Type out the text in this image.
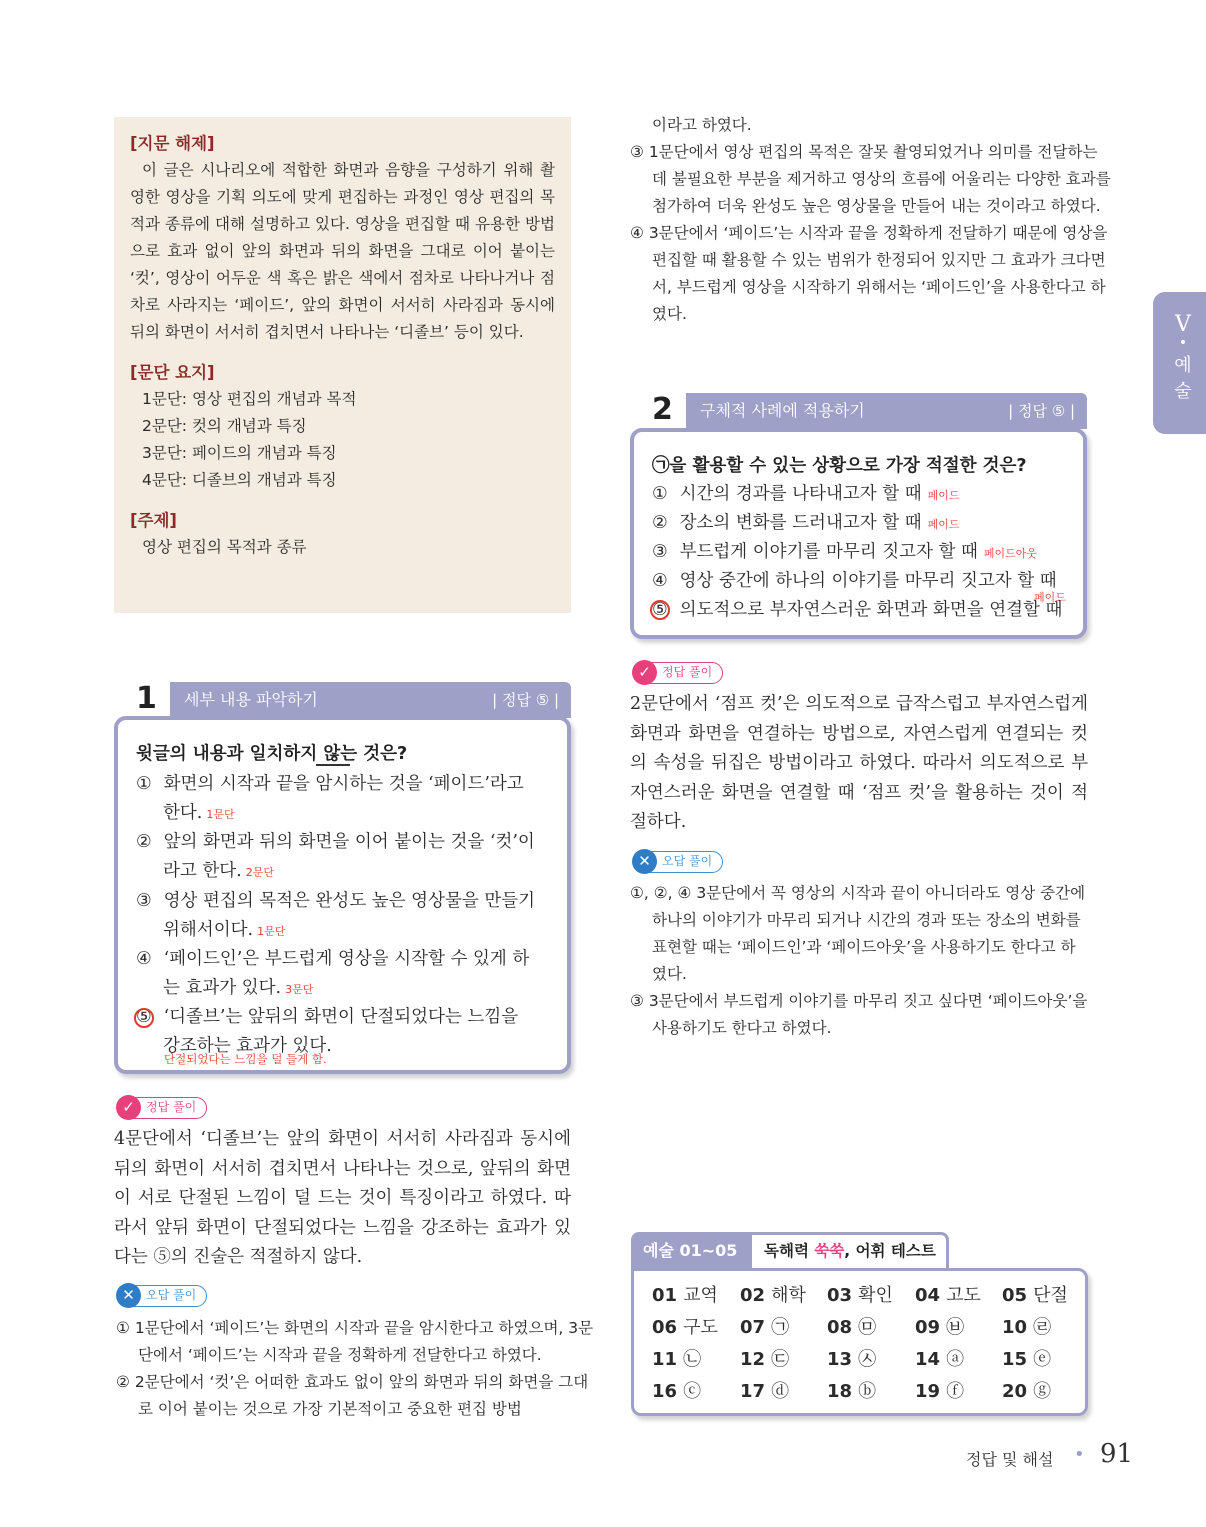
[지문 해제]

이 글은 시나리오에 적합한 화면과 음향을 구성하기 위해 촬영한 영상을 기획 의도에 맞게 편집하는 과정인 영상 편집의 목적과 종류에 대해 설명하고 있다. 영상을 편집할 때 유용한 방법으로 효과 없이 앞의 화면과 뒤의 화면을 그대로 이어 붙이는 ‘컷’, 영상이 어두운 색 혹은 밝은 색에서 점차로 나타나거나 점차로 사라지는 ‘페이드’, 앞의 화면이 서서히 사라짐과 동시에 뒤의 화면이 서서히 겹치면서 나타나는 ‘디졸브’ 등이 있다.

[문단 요지]
1문단: 영상 편집의 개념과 목적
2문단: 컷의 개념과 특징
3문단: 페이드의 개념과 특징
4문단: 디졸브의 개념과 특징
[주제]
영상 편집의 목적과 종류
1	세부 내용 파악하기	| 정답 ⑤ |
윗글의 내용과 일치하지 않는 것은?
① 화면의 시작과 끝을 암시하는 것을 ‘페이드’라고
한다. 1문단
② 앞의 화면과 뒤의 화면을 이어 붙이는 것을 ‘컷’이
라고 한다. 2문단
③ 영상 편집의 목적은 완성도 높은 영상물을 만들기
위해서이다. 1문단
④ ‘페이드인’은 부드럽게 영상을 시작할 수 있게 하
는 효과가 있다. 3문단
⑤ ‘디졸브’는 앞뒤의 화면이 단절되었다는 느낌을
강조하는 효과가 있다.
단절되었다는 느낌을 덜 들게 함.
✓ 정답 풀이
4문단에서 ‘디졸브’는 앞의 화면이 서서히 사라짐과 동시에 뒤의 화면이 서서히 겹치면서 나타나는 것으로, 앞뒤의 화면이 서로 단절된 느낌이 덜 드는 것이 특징이라고 하였다. 따라서 앞뒤 화면이 단절되었다는 느낌을 강조하는 효과가 있다는 ⑤의 진술은 적절하지 않다.
✕ 오답 풀이
① 1문단에서 ‘페이드’는 화면의 시작과 끝을 암시한다고 하였으며, 3문단에서 ‘페이드’는 시작과 끝을 정확하게 전달한다고 하였다.
② 2문단에서 ‘컷’은 어떠한 효과도 없이 앞의 화면과 뒤의 화면을 그대로 이어 붙이는 것으로 가장 기본적이고 중요한 편집 방법
이라고 하였다.
③ 1문단에서 영상 편집의 목적은 잘못 촬영되었거나 의미를 전달하는 데 불필요한 부분을 제거하고 영상의 흐름에 어울리는 다양한 효과를 첨가하여 더욱 완성도 높은 영상물을 만들어 내는 것이라고 하였다.
④ 3문단에서 ‘페이드’는 시작과 끝을 정확하게 전달하기 때문에 영상을 편집할 때 활용할 수 있는 범위가 한정되어 있지만 그 효과가 크다면서, 부드럽게 영상을 시작하기 위해서는 ‘페이드인’을 사용한다고 하였다.
2	구체적 사례에 적용하기	| 정답 ⑤ |
㉠을 활용할 수 있는 상황으로 가장 적절한 것은?
① 시간의 경과를 나타내고자 할 때 페이드
② 장소의 변화를 드러내고자 할 때 페이드
③ 부드럽게 이야기를 마무리 짓고자 할 때 페이드아웃
④ 영상 중간에 하나의 이야기를 마무리 짓고자 할 때
페이드
⑤ 의도적으로 부자연스러운 화면과 화면을 연결할 때
✓ 정답 풀이
2문단에서 ‘점프 컷’은 의도적으로 급작스럽고 부자연스럽게 화면과 화면을 연결하는 방법으로, 자연스럽게 연결되는 컷의 속성을 뒤집은 방법이라고 하였다. 따라서 의도적으로 부자연스러운 화면을 연결할 때 ‘점프 컷’을 활용하는 것이 적절하다.
✕ 오답 풀이
①, ②, ④ 3문단에서 꼭 영상의 시작과 끝이 아니더라도 영상 중간에 하나의 이야기가 마무리 되거나 시간의 경과 또는 장소의 변화를 표현할 때는 ‘페이드인’과 ‘페이드아웃’을 사용하기도 한다고 하였다.
③ 3문단에서 부드럽게 이야기를 마무리 짓고 싶다면 ‘페이드아웃’을 사용하기도 한다고 하였다.
V
•
예
술
예술 01~05	독해력 쑥쑥, 어휘 테스트
01 교역 02 해학 03 확인 04 고도 05 단절
06 구도 07 ㉠ 08 ㉤ 09 ㉥ 10 ㉣
11 ㉡ 12 ㉢ 13 ㉦ 14 ⓐ 15 ⓔ
16 ⓒ 17 ⓓ 18 ⓑ 19 ⓕ 20 ⓖ
정답 및 해설 • 91
